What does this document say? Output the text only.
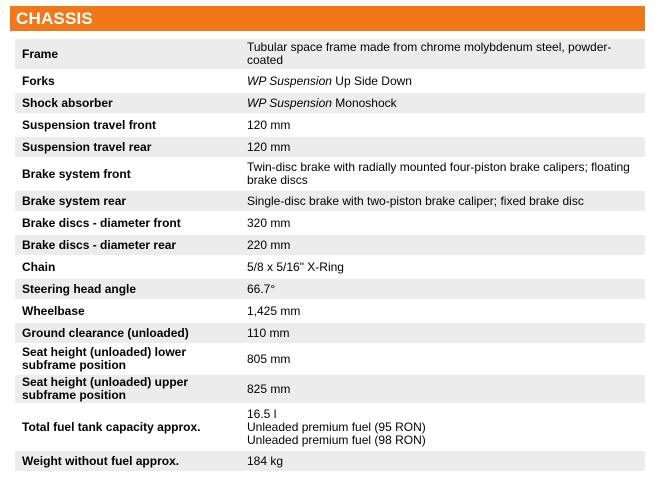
CHASSIS
Frame	Tubular space frame made from chrome molybdenum steel, powder-coated
Forks	WP Suspension Up Side Down
Shock absorber	WP Suspension Monoshock
Suspension travel front	120 mm
Suspension travel rear	120 mm
Brake system front	Twin-disc brake with radially mounted four-piston brake calipers; floating brake discs
Brake system rear	Single-disc brake with two-piston brake caliper; fixed brake disc
Brake discs - diameter front	320 mm
Brake discs - diameter rear	220 mm
Chain	5/8 x 5/16" X-Ring
Steering head angle	66.7°
Wheelbase	1,425 mm
Ground clearance (unloaded)	110 mm
Seat height (unloaded) lower subframe position	805 mm
Seat height (unloaded) upper subframe position	825 mm
Total fuel tank capacity approx.	16.5 l
Unleaded premium fuel (95 RON)
Unleaded premium fuel (98 RON)

Weight without fuel approx.	184 kg
